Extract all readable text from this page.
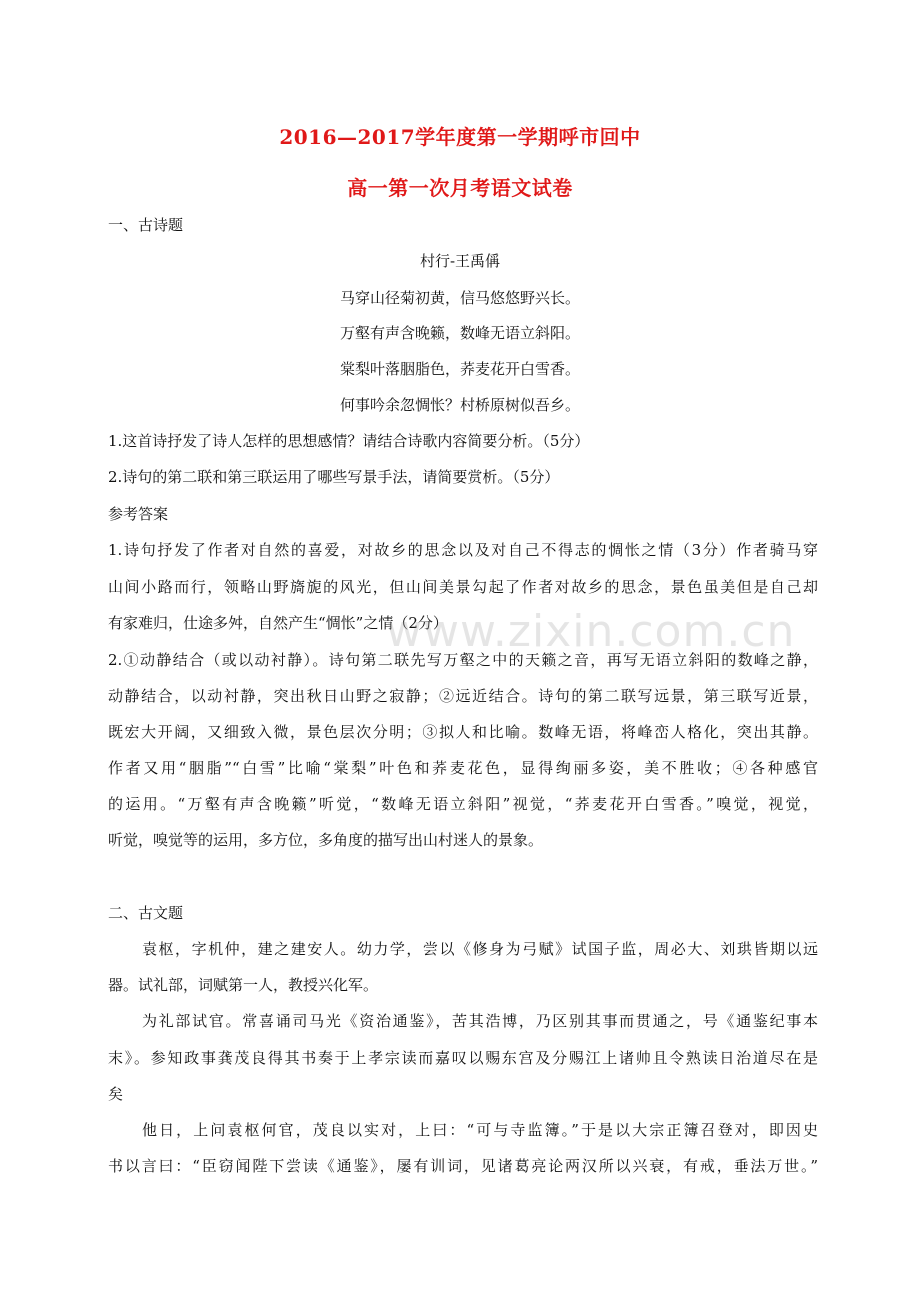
2016—2017学年度第一学期呼市回中
高一第一次月考语文试卷
一、古诗题
村行-王禹偁
马穿山径菊初黄，信马悠悠野兴长。
万壑有声含晚籁，数峰无语立斜阳。
棠梨叶落胭脂色，荞麦花开白雪香。
何事吟余忽惆怅？村桥原树似吾乡。
1.这首诗抒发了诗人怎样的思想感情？请结合诗歌内容简要分析。（5分）
2.诗句的第二联和第三联运用了哪些写景手法，请简要赏析。（5分）
参考答案
1.诗句抒发了作者对自然的喜爱，对故乡的思念以及对自己不得志的惆怅之情（3分）作者骑马穿
山间小路而行，领略山野旖旎的风光，但山间美景勾起了作者对故乡的思念，景色虽美但是自己却
有家难归，仕途多舛，自然产生“惆怅”之情（2分）
2.①动静结合（或以动衬静）。诗句第二联先写万壑之中的天籁之音，再写无语立斜阳的数峰之静，
动静结合，以动衬静，突出秋日山野之寂静；②远近结合。诗句的第二联写远景，第三联写近景，
既宏大开阔，又细致入微，景色层次分明；③拟人和比喻。数峰无语，将峰峦人格化，突出其静。
作者又用“胭脂”“白雪”比喻“棠梨”叶色和荞麦花色，显得绚丽多姿，美不胜收；④各种感官
的运用。“万壑有声含晚籁”听觉，“数峰无语立斜阳”视觉，“荞麦花开白雪香。”嗅觉，视觉，
听觉，嗅觉等的运用，多方位，多角度的描写出山村迷人的景象。
二、古文题
袁枢，字机仲，建之建安人。幼力学，尝以《修身为弓赋》试国子监，周必大、刘珙皆期以远
器。试礼部，词赋第一人，教授兴化军。
为礼部试官。常喜诵司马光《资治通鉴》，苦其浩博，乃区别其事而贯通之，号《通鉴纪事本
末》。参知政事龚茂良得其书奏于上孝宗读而嘉叹以赐东宫及分赐江上诸帅且令熟读日治道尽在是
矣
他日，上问袁枢何官，茂良以实对，上曰：“可与寺监簿。”于是以大宗正簿召登对，即因史
书以言曰：“臣窃闻陛下尝读《通鉴》，屡有训词，见诸葛亮论两汉所以兴衰，有戒，垂法万世。”
www.zixin.com.cn
